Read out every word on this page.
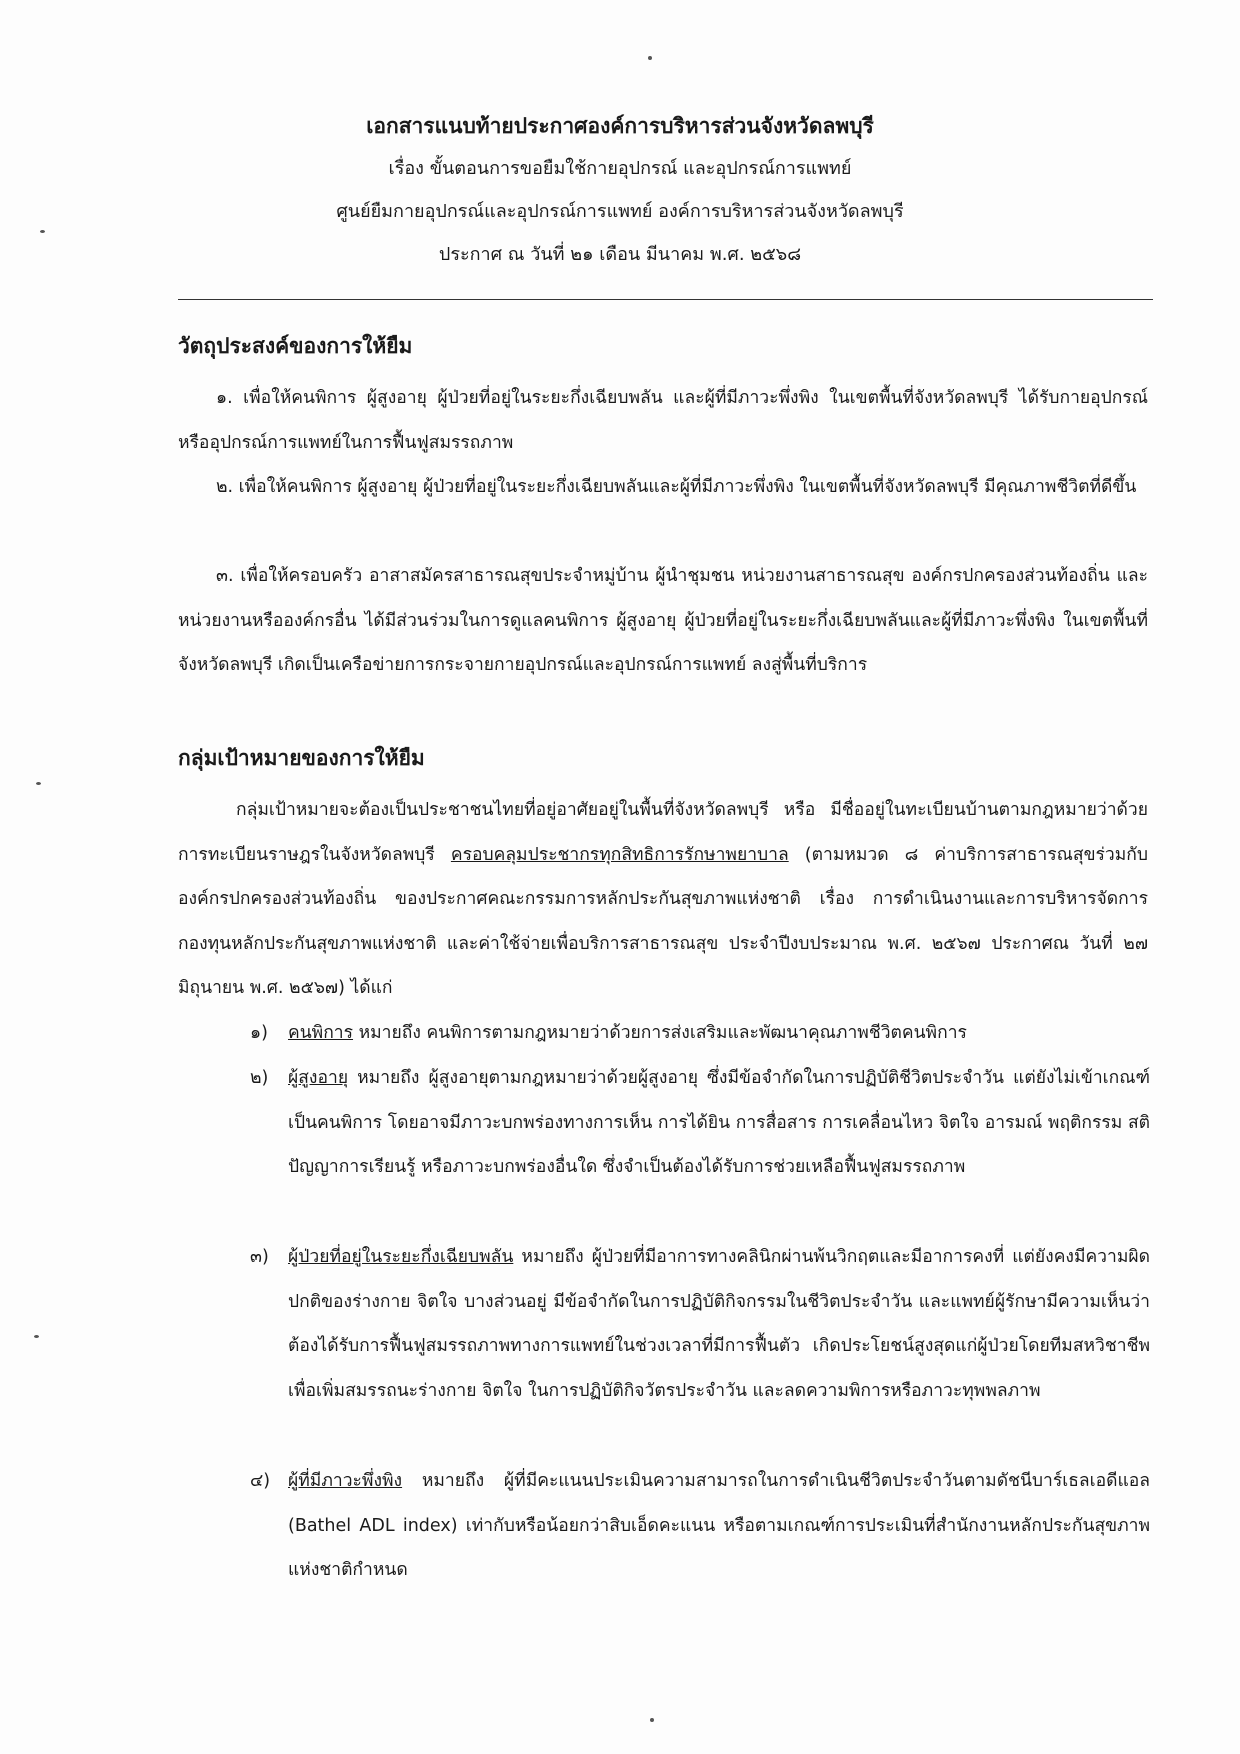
เอกสารแนบท้ายประกาศองค์การบริหารส่วนจังหวัดลพบุรี
เรื่อง ขั้นตอนการขอยืมใช้กายอุปกรณ์ และอุปกรณ์การแพทย์
ศูนย์ยืมกายอุปกรณ์และอุปกรณ์การแพทย์ องค์การบริหารส่วนจังหวัดลพบุรี
ประกาศ ณ วันที่ ๒๑ เดือน มีนาคม พ.ศ. ๒๕๖๘
วัตถุประสงค์ของการให้ยืม

๑. เพื่อให้คนพิการ ผู้สูงอายุ ผู้ป่วยที่อยู่ในระยะกึ่งเฉียบพลัน และผู้ที่มีภาวะพึ่งพิง ในเขตพื้นที่จังหวัดลพบุรี ได้รับกายอุปกรณ์ หรืออุปกรณ์การแพทย์ในการฟื้นฟูสมรรถภาพ

๒. เพื่อให้คนพิการ ผู้สูงอายุ ผู้ป่วยที่อยู่ในระยะกึ่งเฉียบพลันและผู้ที่มีภาวะพึ่งพิง ในเขตพื้นที่จังหวัดลพบุรี มีคุณภาพชีวิตที่ดีขึ้น

๓. เพื่อให้ครอบครัว อาสาสมัครสาธารณสุขประจำหมู่บ้าน ผู้นำชุมชน หน่วยงานสาธารณสุข องค์กรปกครองส่วนท้องถิ่น และหน่วยงานหรือองค์กรอื่น ได้มีส่วนร่วมในการดูแลคนพิการ ผู้สูงอายุ ผู้ป่วยที่อยู่ในระยะกึ่งเฉียบพลันและผู้ที่มีภาวะพึ่งพิง ในเขตพื้นที่จังหวัดลพบุรี เกิดเป็นเครือข่ายการกระจายกายอุปกรณ์และอุปกรณ์การแพทย์ ลงสู่พื้นที่บริการ

กลุ่มเป้าหมายของการให้ยืม

กลุ่มเป้าหมายจะต้องเป็นประชาชนไทยที่อยู่อาศัยอยู่ในพื้นที่จังหวัดลพบุรี หรือ มีชื่ออยู่ในทะเบียนบ้านตามกฎหมายว่าด้วยการทะเบียนราษฎรในจังหวัดลพบุรี ครอบคลุมประชากรทุกสิทธิการรักษาพยาบาล (ตามหมวด ๘ ค่าบริการสาธารณสุขร่วมกับองค์กรปกครองส่วนท้องถิ่น ของประกาศคณะกรรมการหลักประกันสุขภาพแห่งชาติ เรื่อง การดำเนินงานและการบริหารจัดการกองทุนหลักประกันสุขภาพแห่งชาติ และค่าใช้จ่ายเพื่อบริการสาธารณสุข ประจำปีงบประมาณ พ.ศ. ๒๕๖๗ ประกาศณ วันที่ ๒๗ มิถุนายน พ.ศ. ๒๕๖๗) ได้แก่

๑)	คนพิการ หมายถึง คนพิการตามกฎหมายว่าด้วยการส่งเสริมและพัฒนาคุณภาพชีวิตคนพิการ

๒)	ผู้สูงอายุ หมายถึง ผู้สูงอายุตามกฎหมายว่าด้วยผู้สูงอายุ ซึ่งมีข้อจำกัดในการปฏิบัติชีวิตประจำวัน แต่ยังไม่เข้าเกณฑ์เป็นคนพิการ โดยอาจมีภาวะบกพร่องทางการเห็น การได้ยิน การสื่อสาร การเคลื่อนไหว จิตใจ อารมณ์ พฤติกรรม สติปัญญาการเรียนรู้ หรือภาวะบกพร่องอื่นใด ซึ่งจำเป็นต้องได้รับการช่วยเหลือฟื้นฟูสมรรถภาพ

๓)	ผู้ป่วยที่อยู่ในระยะกึ่งเฉียบพลัน หมายถึง ผู้ป่วยที่มีอาการทางคลินิกผ่านพ้นวิกฤตและมีอาการคงที่ แต่ยังคงมีความผิดปกติของร่างกาย จิตใจ บางส่วนอยู่ มีข้อจำกัดในการปฏิบัติกิจกรรมในชีวิตประจำวัน และแพทย์ผู้รักษามีความเห็นว่าต้องได้รับการฟื้นฟูสมรรถภาพทางการแพทย์ในช่วงเวลาที่มีการฟื้นตัว เกิดประโยชน์สูงสุดแก่ผู้ป่วยโดยทีมสหวิชาชีพ เพื่อเพิ่มสมรรถนะร่างกาย จิตใจ ในการปฏิบัติกิจวัตรประจำวัน และลดความพิการหรือภาวะทุพพลภาพ

๔)	ผู้ที่มีภาวะพึ่งพิง หมายถึง ผู้ที่มีคะแนนประเมินความสามารถในการดำเนินชีวิตประจำวันตามดัชนีบาร์เธลเอดีแอล (Bathel ADL index) เท่ากับหรือน้อยกว่าสิบเอ็ดคะแนน หรือตามเกณฑ์การประเมินที่สำนักงานหลักประกันสุขภาพแห่งชาติกำหนด
